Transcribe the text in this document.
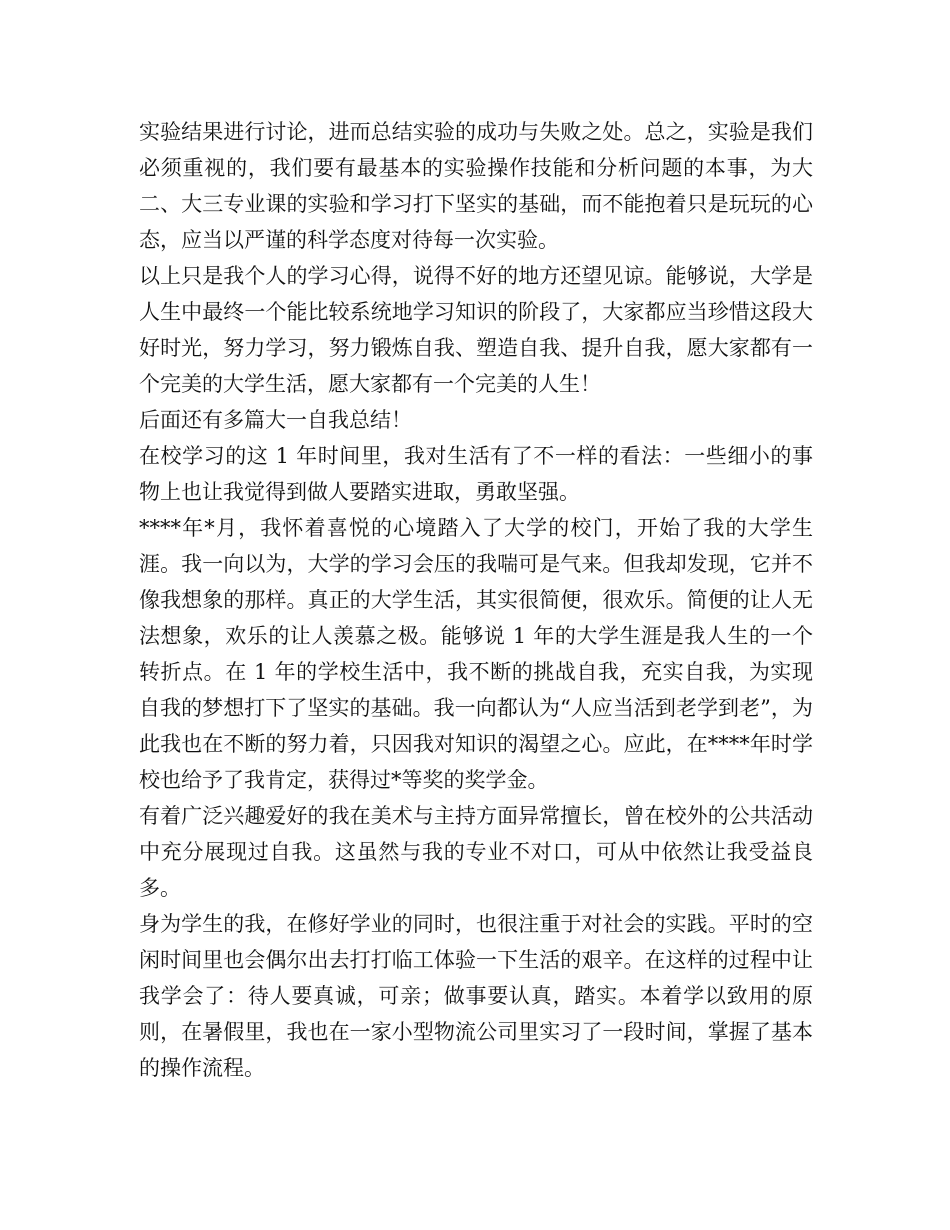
实验结果进行讨论，进而总结实验的成功与失败之处。总之，实验是我们必须重视的，我们要有最基本的实验操作技能和分析问题的本事，为大二、大三专业课的实验和学习打下坚实的基础，而不能抱着只是玩玩的心态，应当以严谨的科学态度对待每一次实验。

以上只是我个人的学习心得，说得不好的地方还望见谅。能够说，大学是人生中最终一个能比较系统地学习知识的阶段了，大家都应当珍惜这段大好时光，努力学习，努力锻炼自我、塑造自我、提升自我，愿大家都有一个完美的大学生活，愿大家都有一个完美的人生！

后面还有多篇大一自我总结！

在校学习的这 1 年时间里，我对生活有了不一样的看法：一些细小的事物上也让我觉得到做人要踏实进取，勇敢坚强。

****年*月，我怀着喜悦的心境踏入了大学的校门，开始了我的大学生涯。我一向以为，大学的学习会压的我喘可是气来。但我却发现，它并不像我想象的那样。真正的大学生活，其实很简便，很欢乐。简便的让人无法想象，欢乐的让人羡慕之极。能够说 1 年的大学生涯是我人生的一个转折点。在 1 年的学校生活中，我不断的挑战自我，充实自我，为实现自我的梦想打下了坚实的基础。我一向都认为“人应当活到老学到老”，为此我也在不断的努力着，只因我对知识的渴望之心。应此，在****年时学校也给予了我肯定，获得过*等奖的奖学金。

有着广泛兴趣爱好的我在美术与主持方面异常擅长，曾在校外的公共活动中充分展现过自我。这虽然与我的专业不对口，可从中依然让我受益良多。

身为学生的我，在修好学业的同时，也很注重于对社会的实践。平时的空闲时间里也会偶尔出去打打临工体验一下生活的艰辛。在这样的过程中让我学会了：待人要真诚，可亲；做事要认真，踏实。本着学以致用的原则，在暑假里，我也在一家小型物流公司里实习了一段时间，掌握了基本的操作流程。
